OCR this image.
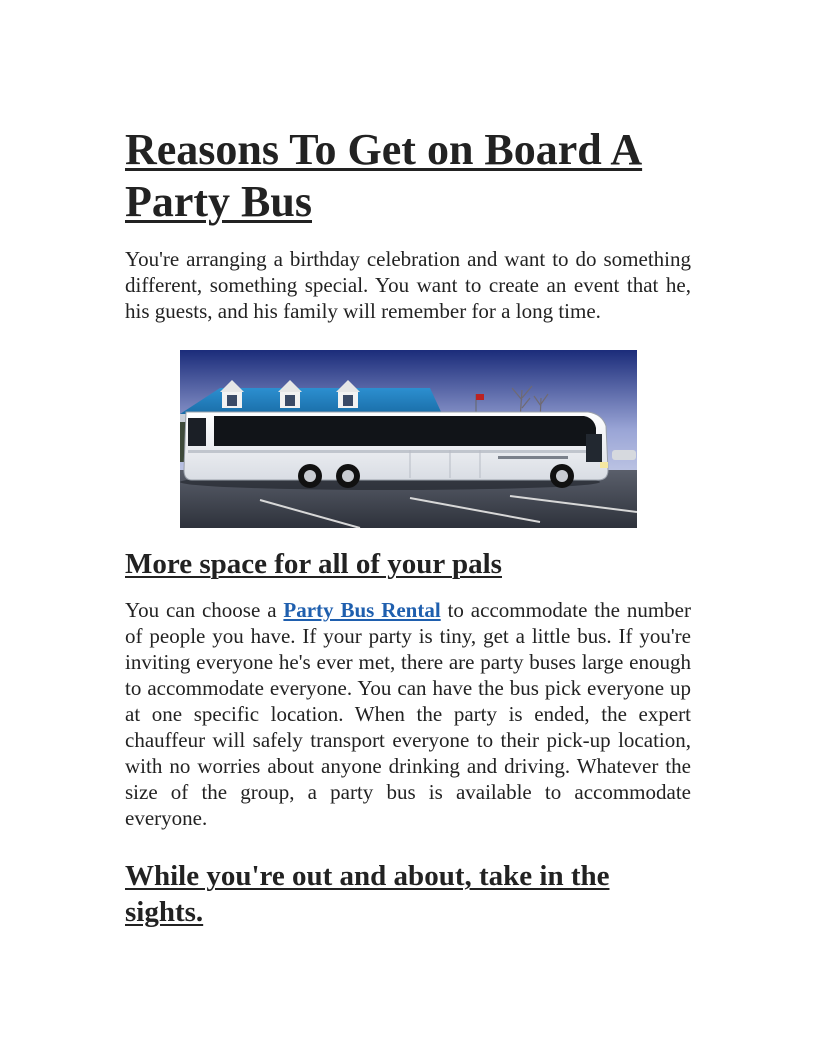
Reasons To Get on Board A Party Bus

You're arranging a birthday celebration and want to do something different, something special. You want to create an event that he, his guests, and his family will remember for a long time.

More space for all of your pals

You can choose a Party Bus Rental to accommodate the number of people you have. If your party is tiny, get a little bus. If you're inviting everyone he's ever met, there are party buses large enough to accommodate everyone. You can have the bus pick everyone up at one specific location. When the party is ended, the expert chauffeur will safely transport everyone to their pick-up location, with no worries about anyone drinking and driving. Whatever the size of the group, a party bus is available to accommodate everyone.

While you're out and about, take in the sights.
